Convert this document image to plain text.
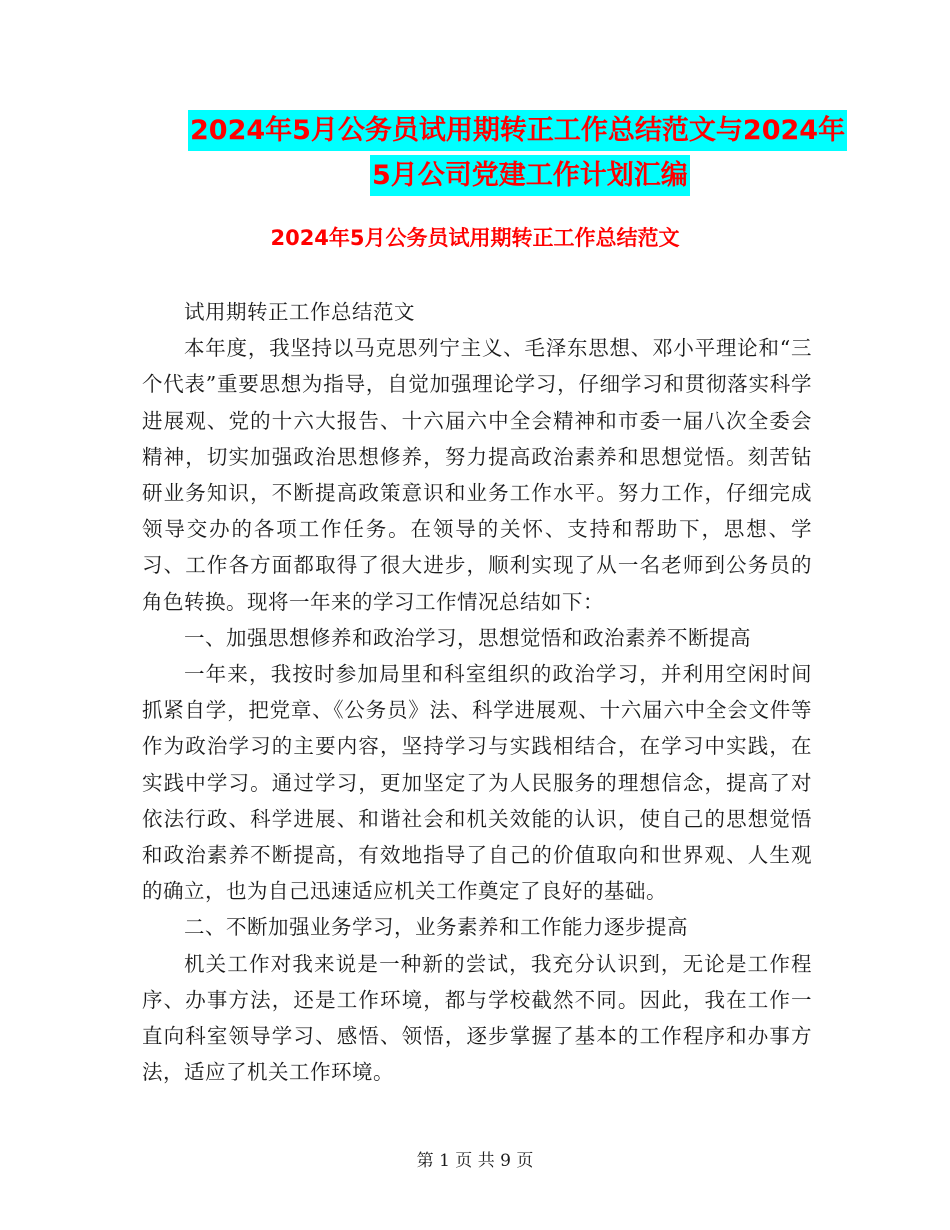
2024年5月公务员试用期转正工作总结范文与2024年
5月公司党建工作计划汇编
2024年5月公务员试用期转正工作总结范文

试用期转正工作总结范文

本年度，我坚持以马克思列宁主义、毛泽东思想、邓小平理论和“三个代表”重要思想为指导，自觉加强理论学习，仔细学习和贯彻落实科学进展观、党的十六大报告、十六届六中全会精神和市委一届八次全委会精神，切实加强政治思想修养，努力提高政治素养和思想觉悟。刻苦钻研业务知识，不断提高政策意识和业务工作水平。努力工作，仔细完成领导交办的各项工作任务。在领导的关怀、支持和帮助下，思想、学习、工作各方面都取得了很大进步，顺利实现了从一名老师到公务员的角色转换。现将一年来的学习工作情况总结如下：

一、加强思想修养和政治学习，思想觉悟和政治素养不断提高

一年来，我按时参加局里和科室组织的政治学习，并利用空闲时间抓紧自学，把党章、《公务员》法、科学进展观、十六届六中全会文件等作为政治学习的主要内容，坚持学习与实践相结合，在学习中实践，在实践中学习。通过学习，更加坚定了为人民服务的理想信念，提高了对依法行政、科学进展、和谐社会和机关效能的认识，使自己的思想觉悟和政治素养不断提高，有效地指导了自己的价值取向和世界观、人生观的确立，也为自己迅速适应机关工作奠定了良好的基础。

二、不断加强业务学习，业务素养和工作能力逐步提高

机关工作对我来说是一种新的尝试，我充分认识到，无论是工作程序、办事方法，还是工作环境，都与学校截然不同。因此，我在工作一直向科室领导学习、感悟、领悟，逐步掌握了基本的工作程序和办事方法，适应了机关工作环境。

第 1 页 共 9 页
